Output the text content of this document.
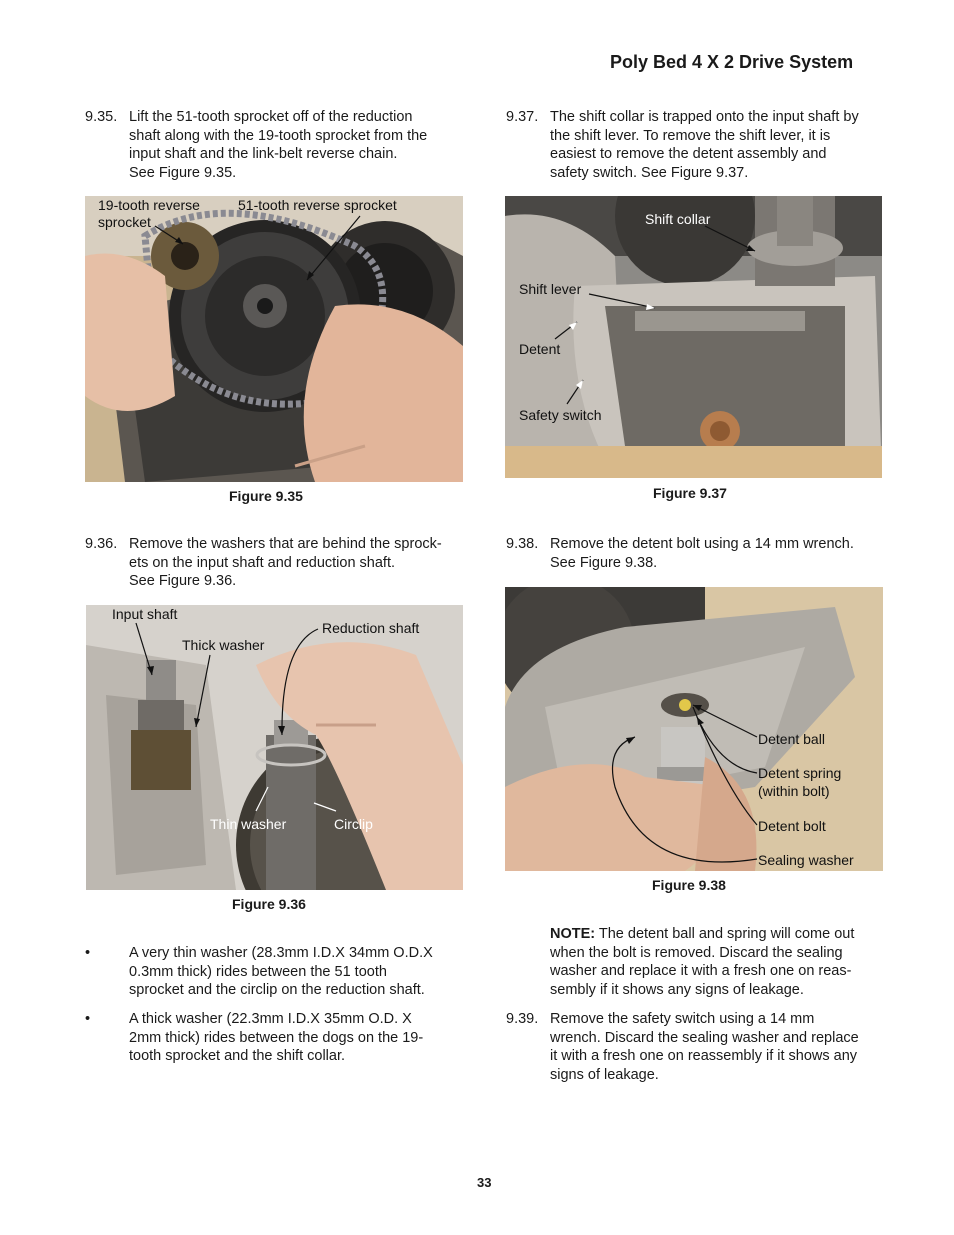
Poly Bed 4 X 2 Drive System
9.35. Lift the 51-tooth sprocket off of the reduction
shaft along with the 19-tooth sprocket from the
input shaft and the link-belt reverse chain.
See Figure 9.35.
19-tooth reverse
sprocket
51-tooth reverse sprocket
Figure 9.35
9.36. Remove the washers that are behind the sprock-
ets on the input shaft and reduction shaft.
See Figure 9.36.
Input shaft
Thick washer
Reduction shaft
Thin washer	Circlip
Figure 9.36
•	A very thin washer (28.3mm I.D.X 34mm O.D.X
0.3mm thick) rides between the 51 tooth
sprocket and the circlip on the reduction shaft.
•	A thick washer (22.3mm I.D.X 35mm O.D. X
2mm thick) rides between the dogs on the 19-
tooth sprocket and the shift collar.
9.37. The shift collar is trapped onto the input shaft by
the shift lever. To remove the shift lever, it is
easiest to remove the detent assembly and
safety switch. See Figure 9.37.
Shift collar
Shift lever
Detent
Safety switch
Figure 9.37
9.38. Remove the detent bolt using a 14 mm wrench.
See Figure 9.38.
Detent ball
Detent spring
(within bolt)
Detent bolt
Sealing washer
Figure 9.38
NOTE: The detent ball and spring will come out
when the bolt is removed. Discard the sealing
washer and replace it with a fresh one on reas-
sembly if it shows any signs of leakage.
9.39. Remove the safety switch using a 14 mm
wrench. Discard the sealing washer and replace
it with a fresh one on reassembly if it shows any
signs of leakage.
33
